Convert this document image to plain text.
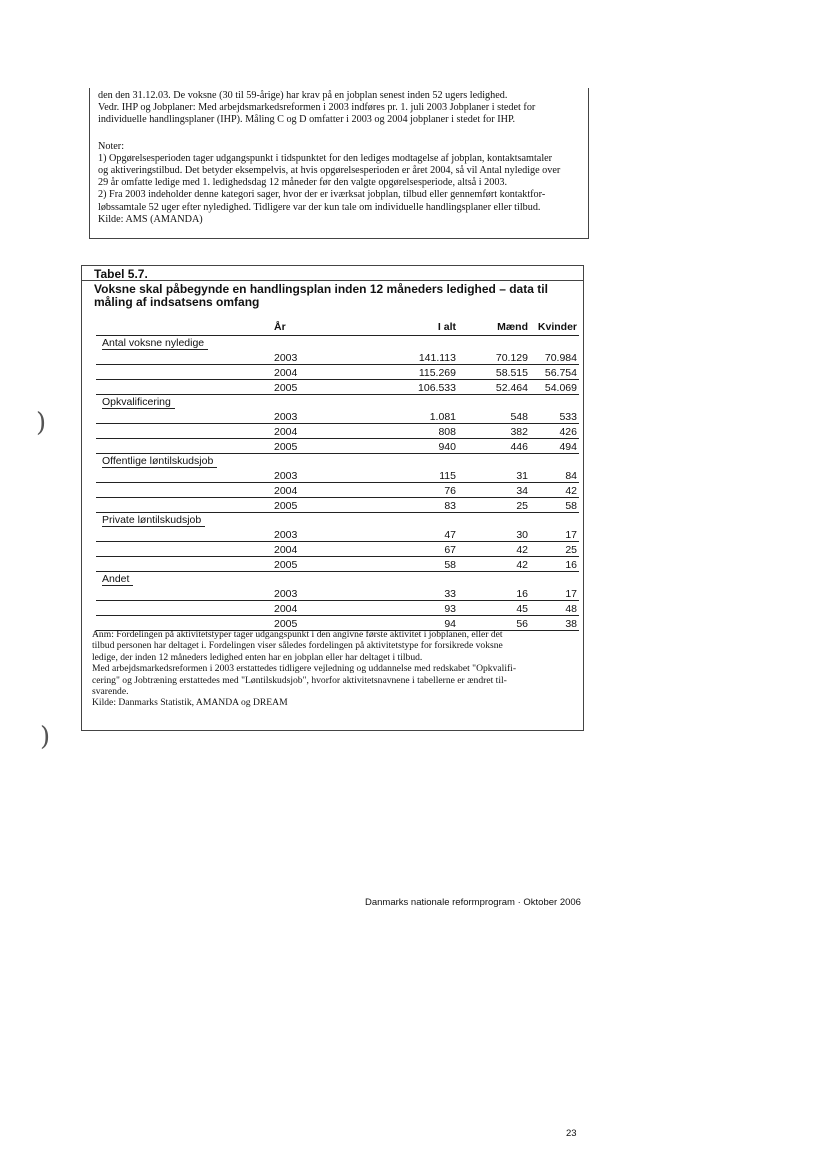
den den 31.12.03. De voksne (30 til 59-årige) har krav på en jobplan senest inden 52 ugers ledighed.

Vedr. IHP og Jobplaner: Med arbejdsmarkedsreformen i 2003 indføres pr. 1. juli 2003 Jobplaner i stedet for

individuelle handlingsplaner (IHP). Måling C og D omfatter i 2003 og 2004 jobplaner i stedet for IHP.

Noter:

1) Opgørelsesperioden tager udgangspunkt i tidspunktet for den lediges modtagelse af jobplan, kontaktsamtaler

og aktiveringstilbud. Det betyder eksempelvis, at hvis opgørelsesperioden er året 2004, så vil Antal nyledige over

29 år omfatte ledige med 1. ledighedsdag 12 måneder før den valgte opgørelsesperiode, altså i 2003.

2) Fra 2003 indeholder denne kategori sager, hvor der er iværksat jobplan, tilbud eller gennemført kontaktfor-

løbssamtale 52 uger efter nyledighed. Tidligere var der kun tale om individuelle handlingsplaner eller tilbud.

Kilde: AMS (AMANDA)

Tabel 5.7.
Voksne skal påbegynde en handlingsplan inden 12 måneders ledighed – data til måling af indsatsens omfang
År	I alt	Mænd Kvinder
Antal voksne nyledige
2003	141.113	70.129	70.984
2004	115.269	58.515	56.754
2005	106.533	52.464	54.069
Opkvalificering
2003	1.081	548	533
2004	808	382	426
2005	940	446	494
Offentlige løntilskudsjob
2003	115	31	84
2004	76	34	42
2005	83	25	58
Private løntilskudsjob
2003	47	30	17
2004	67	42	25
2005	58	42	16
Andet
2003	33	16	17
2004	93	45	48
2005	94	56	38

Anm: Fordelingen på aktivitetstyper tager udgangspunkt i den angivne første aktivitet i jobplanen, eller det

tilbud personen har deltaget i. Fordelingen viser således fordelingen på aktivitetstype for forsikrede voksne

ledige, der inden 12 måneders ledighed enten har en jobplan eller har deltaget i tilbud.

Med arbejdsmarkedsreformen i 2003 erstattedes tidligere vejledning og uddannelse med redskabet "Opkvalifi-

cering" og Jobtræning erstattedes med "Løntilskudsjob", hvorfor aktivitetsnavnene i tabellerne er ændret til-

svarende.

Kilde: Danmarks Statistik, AMANDA og DREAM

Danmarks nationale reformprogram · Oktober 2006
23
)
)
